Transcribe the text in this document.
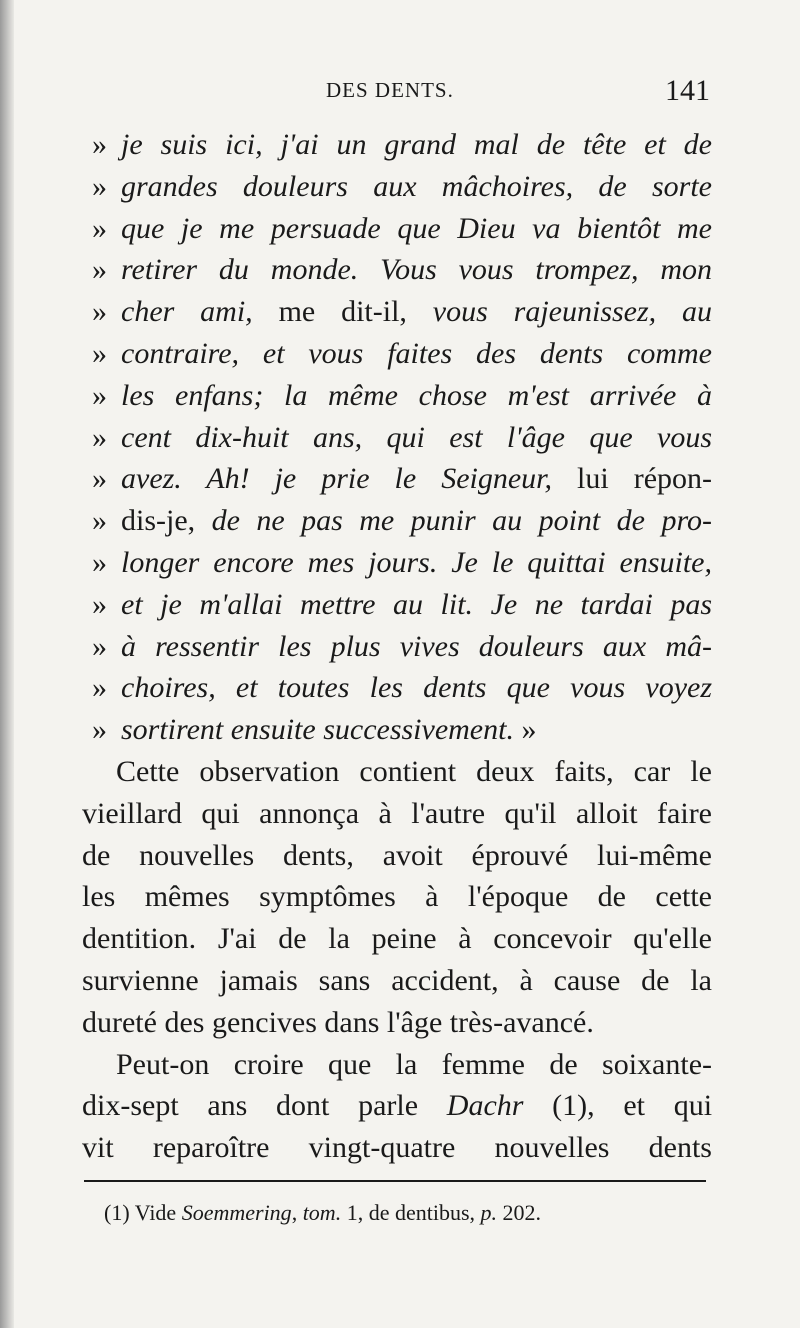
DES DENTS.	141
» je suis ici, j'ai un grand mal de tête et de
» grandes douleurs aux mâchoires, de sorte
» que je me persuade que Dieu va bientôt me
» retirer du monde. Vous vous trompez, mon
» cher ami, me dit-il, vous rajeunissez, au
» contraire, et vous faites des dents comme
» les enfans; la même chose m'est arrivée à
» cent dix-huit ans, qui est l'âge que vous
» avez. Ah! je prie le Seigneur, lui répon-
» dis-je, de ne pas me punir au point de pro-
» longer encore mes jours. Je le quittai ensuite,
» et je m'allai mettre au lit. Je ne tardai pas
» à ressentir les plus vives douleurs aux mâ-
» choires, et toutes les dents que vous voyez
» sortirent ensuite successivement. »
Cette observation contient deux faits, car le
vieillard qui annonça à l'autre qu'il alloit faire
de nouvelles dents, avoit éprouvé lui-même
les mêmes symptômes à l'époque de cette
dentition. J'ai de la peine à concevoir qu'elle
survienne jamais sans accident, à cause de la
dureté des gencives dans l'âge très-avancé.
Peut-on croire que la femme de soixante-
dix-sept ans dont parle Dachr (1), et qui
vit reparoître vingt-quatre nouvelles dents
(1) Vide Soemmering, tom. 1, de dentibus, p. 202.
